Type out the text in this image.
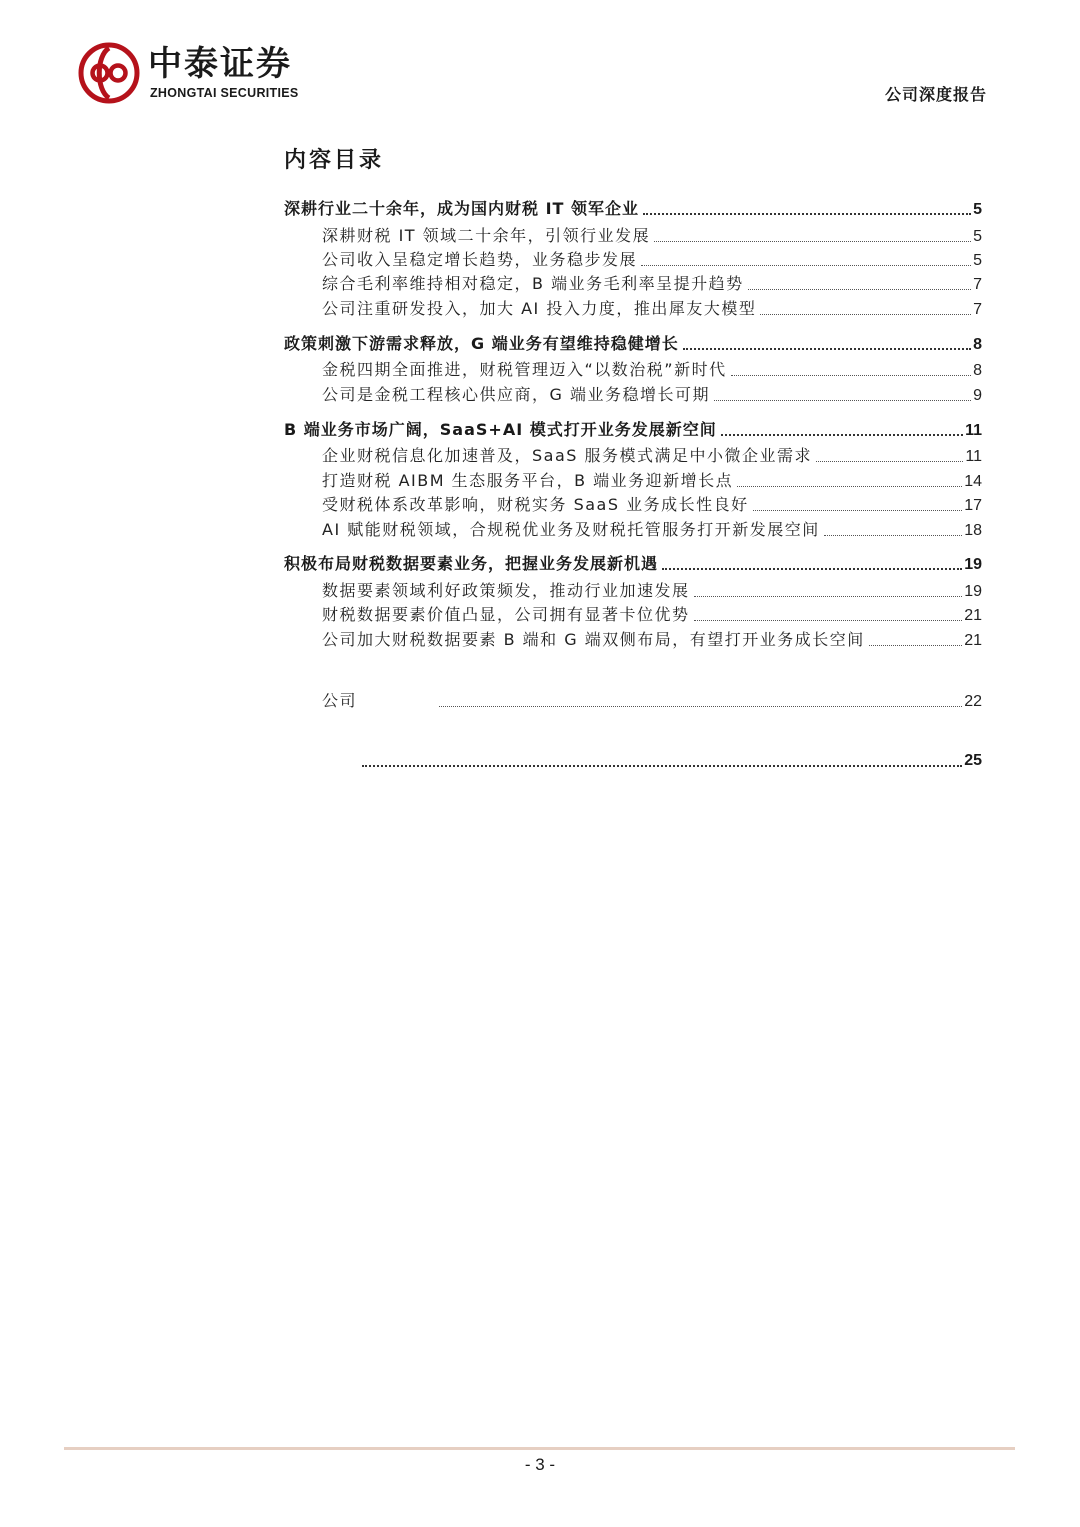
中泰证券
ZHONGTAI SECURITIES	公司深度报告
内容目录
深耕行业二十余年，成为国内财税 IT 领军企业	5
深耕财税 IT 领域二十余年，引领行业发展	5
公司收入呈稳定增长趋势，业务稳步发展	5
综合毛利率维持相对稳定，B 端业务毛利率呈提升趋势	7
公司注重研发投入，加大 AI 投入力度，推出犀友大模型	7
政策刺激下游需求释放，G 端业务有望维持稳健增长	8
金税四期全面推进，财税管理迈入“以数治税”新时代	8
公司是金税工程核心供应商，G 端业务稳增长可期	9
B 端业务市场广阔，SaaS+AI 模式打开业务发展新空间	11
企业财税信息化加速普及，SaaS 服务模式满足中小微企业需求	11
打造财税 AIBM 生态服务平台，B 端业务迎新增长点	14
受财税体系改革影响，财税实务 SaaS 业务成长性良好	17
AI 赋能财税领域，合规税优业务及财税托管服务打开新发展空间	18
积极布局财税数据要素业务，把握业务发展新机遇	19
数据要素领域利好政策频发，推动行业加速发展	19
财税数据要素价值凸显，公司拥有显著卡位优势	21
公司加大财税数据要素 B 端和 G 端双侧布局，有望打开业务成长空间	21
公司	22
25
- 3 -
